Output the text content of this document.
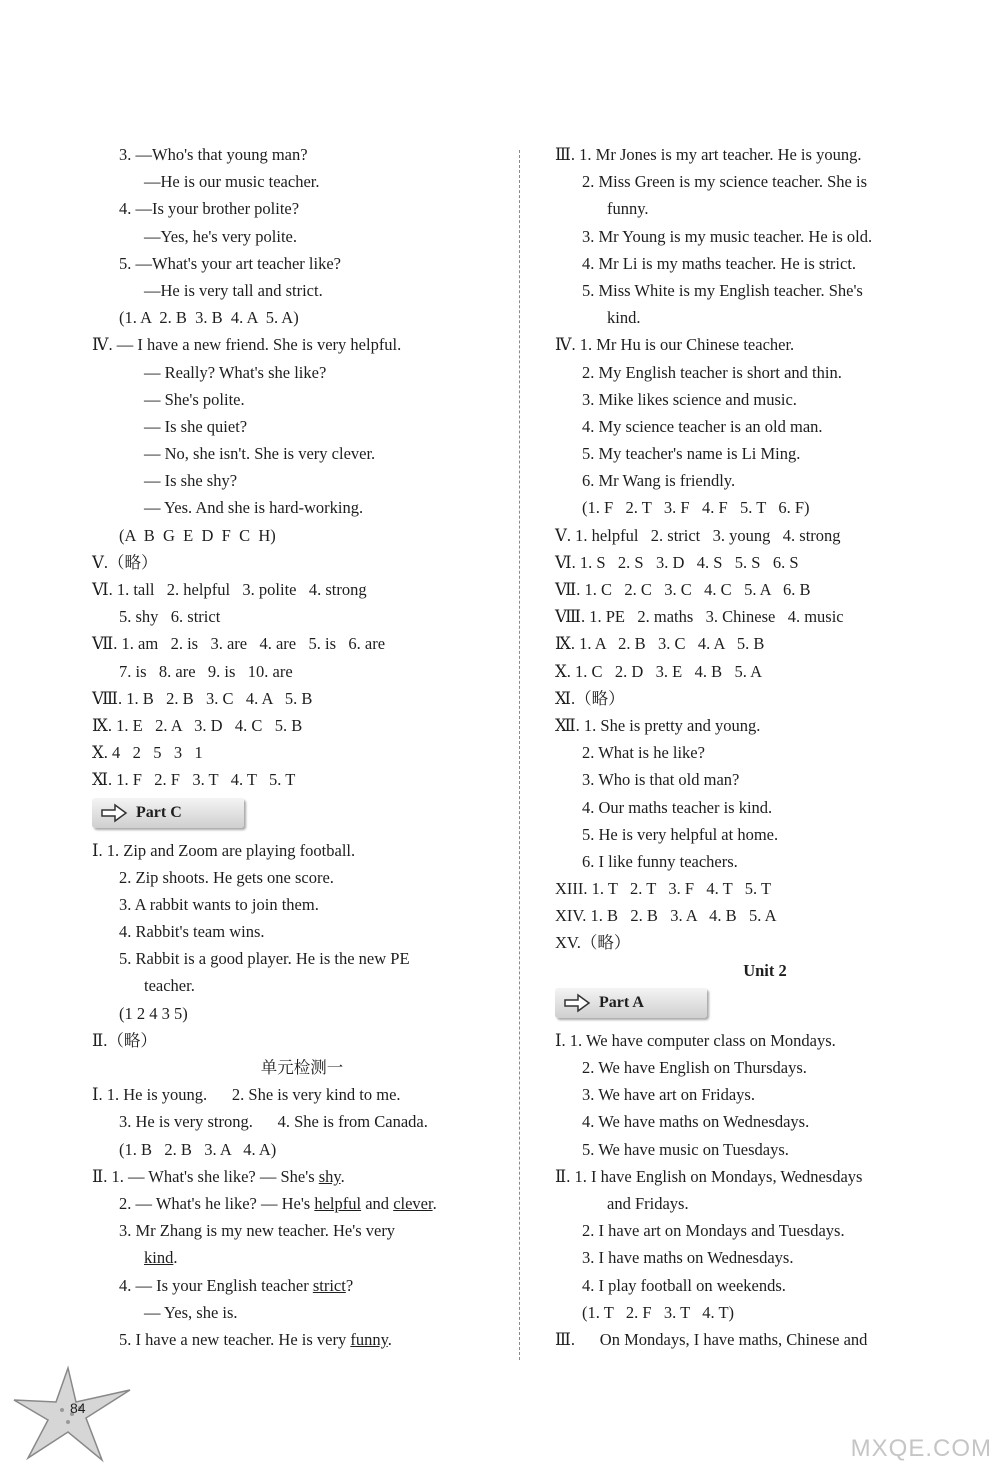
3. —Who's that young man?
—He is our music teacher.
4. —Is your brother polite?
—Yes, he's very polite.
5. —What's your art teacher like?
—He is very tall and strict.
(1. A  2. B  3. B  4. A  5. A)
Ⅳ. — I have a new friend. She is very helpful.
— Really? What's she like?
— She's polite.
— Is she quiet?
— No, she isn't. She is very clever.
— Is she shy?
— Yes. And she is hard-working.
(A  B  G  E  D  F  C  H)
Ⅴ.（略）
Ⅵ. 1. tall   2. helpful   3. polite   4. strong
5. shy   6. strict
Ⅶ. 1. am   2. is   3. are   4. are   5. is   6. are
7. is   8. are   9. is   10. are
Ⅷ. 1. B   2. B   3. C   4. A   5. B
Ⅸ. 1. E   2. A   3. D   4. C   5. B
Ⅹ. 4   2   5   3   1
Ⅺ. 1. F   2. F   3. T   4. T   5. T
Part C
Ⅰ. 1. Zip and Zoom are playing football.
2. Zip shoots. He gets one score.
3. A rabbit wants to join them.
4. Rabbit's team wins.
5. Rabbit is a good player. He is the new PE
teacher.
(1 2 4 3 5)
Ⅱ.（略）
单元检测一
Ⅰ. 1. He is young.      2. She is very kind to me.
3. He is very strong.      4. She is from Canada.
(1. B   2. B   3. A   4. A)
Ⅱ. 1. — What's she like? — She's shy.
2. — What's he like? — He's helpful and clever.
3. Mr Zhang is my new teacher. He's very
kind.
4. — Is your English teacher strict?
— Yes, she is.
5. I have a new teacher. He is very funny.
Ⅲ. 1. Mr Jones is my art teacher. He is young.
2. Miss Green is my science teacher. She is
funny.
3. Mr Young is my music teacher. He is old.
4. Mr Li is my maths teacher. He is strict.
5. Miss White is my English teacher. She's
kind.
Ⅳ. 1. Mr Hu is our Chinese teacher.
2. My English teacher is short and thin.
3. Mike likes science and music.
4. My science teacher is an old man.
5. My teacher's name is Li Ming.
6. Mr Wang is friendly.
(1. F   2. T   3. F   4. F   5. T   6. F)
Ⅴ. 1. helpful   2. strict   3. young   4. strong
Ⅵ. 1. S   2. S   3. D   4. S   5. S   6. S
Ⅶ. 1. C   2. C   3. C   4. C   5. A   6. B
Ⅷ. 1. PE   2. maths   3. Chinese   4. music
Ⅸ. 1. A   2. B   3. C   4. A   5. B
Ⅹ. 1. C   2. D   3. E   4. B   5. A
Ⅺ.（略）
Ⅻ. 1. She is pretty and young.
2. What is he like?
3. Who is that old man?
4. Our maths teacher is kind.
5. He is very helpful at home.
6. I like funny teachers.
XIII. 1. T   2. T   3. F   4. T   5. T
XIV. 1. B   2. B   3. A   4. B   5. A
XV.（略）
Unit 2
Part A
Ⅰ. 1. We have computer class on Mondays.
2. We have English on Thursdays.
3. We have art on Fridays.
4. We have maths on Wednesdays.
5. We have music on Tuesdays.
Ⅱ. 1. I have English on Mondays, Wednesdays
and Fridays.
2. I have art on Mondays and Tuesdays.
3. I have maths on Wednesdays.
4. I play football on weekends.
(1. T   2. F   3. T   4. T)
Ⅲ.      On Mondays, I have maths, Chinese and
84
MXQE.COM
